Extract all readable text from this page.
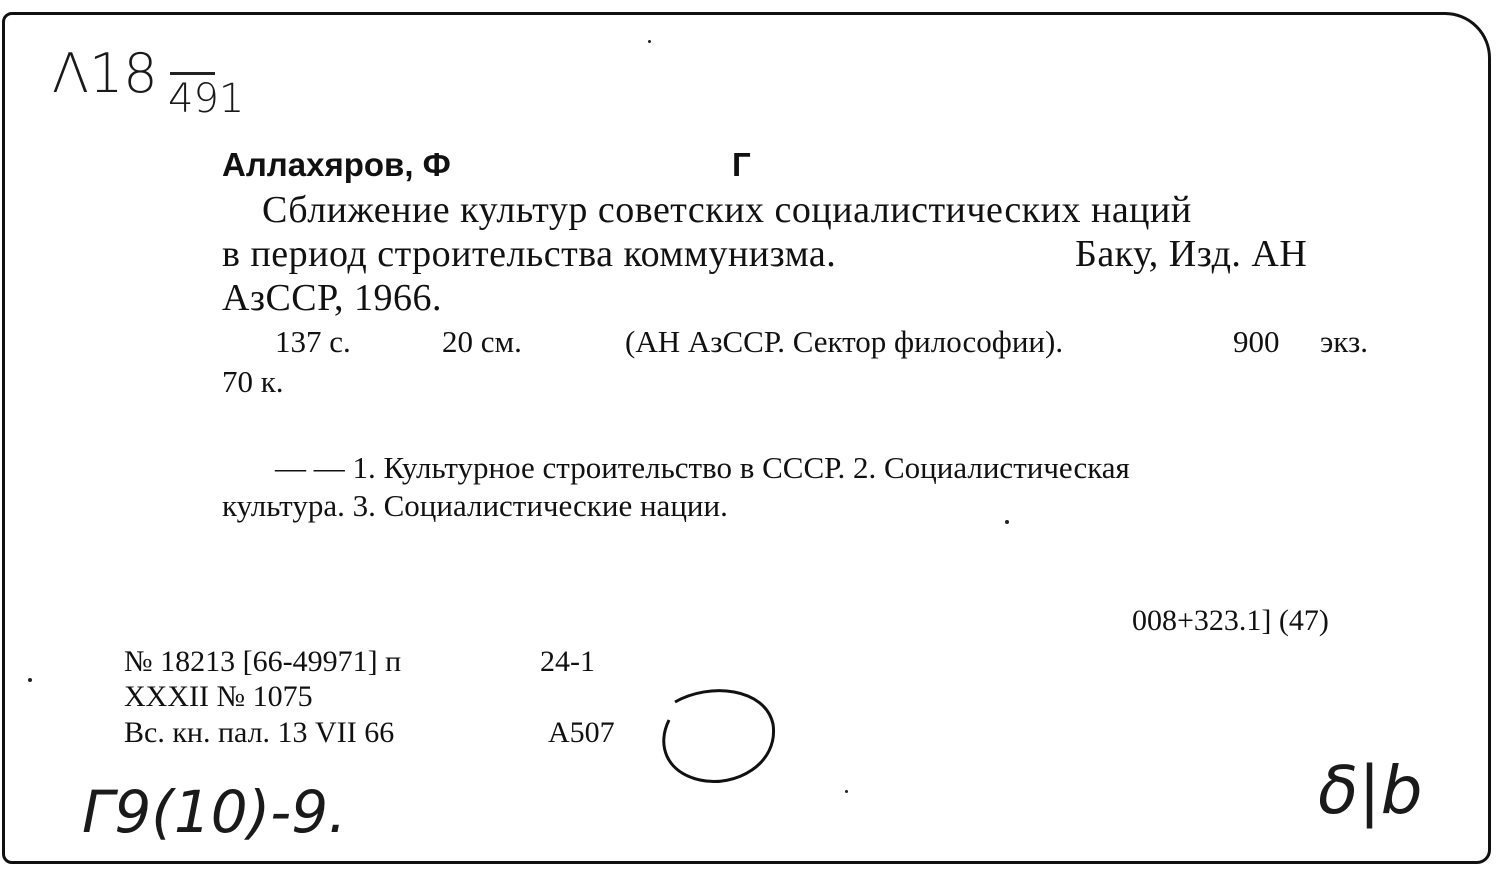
Λ18 491
Аллахяров, Ф	Г
Сближение культур советских социалистических наций
в период строительства коммунизма.	Баку, Изд. АН
АзССР, 1966.
137 с.	20 см.	(АН АзССР. Сектор философии).	900 экз.
70 к.
— — 1. Культурное строительство в СССР. 2. Социалистическая
культура. 3. Социалистические нации.
008+323.1] (47)
№ 18213 [66-49971] п	24-1
XXXII № 1075
Вс. кн. пал. 13 VII 66	А507
Г9(10)-9.	δ|b
